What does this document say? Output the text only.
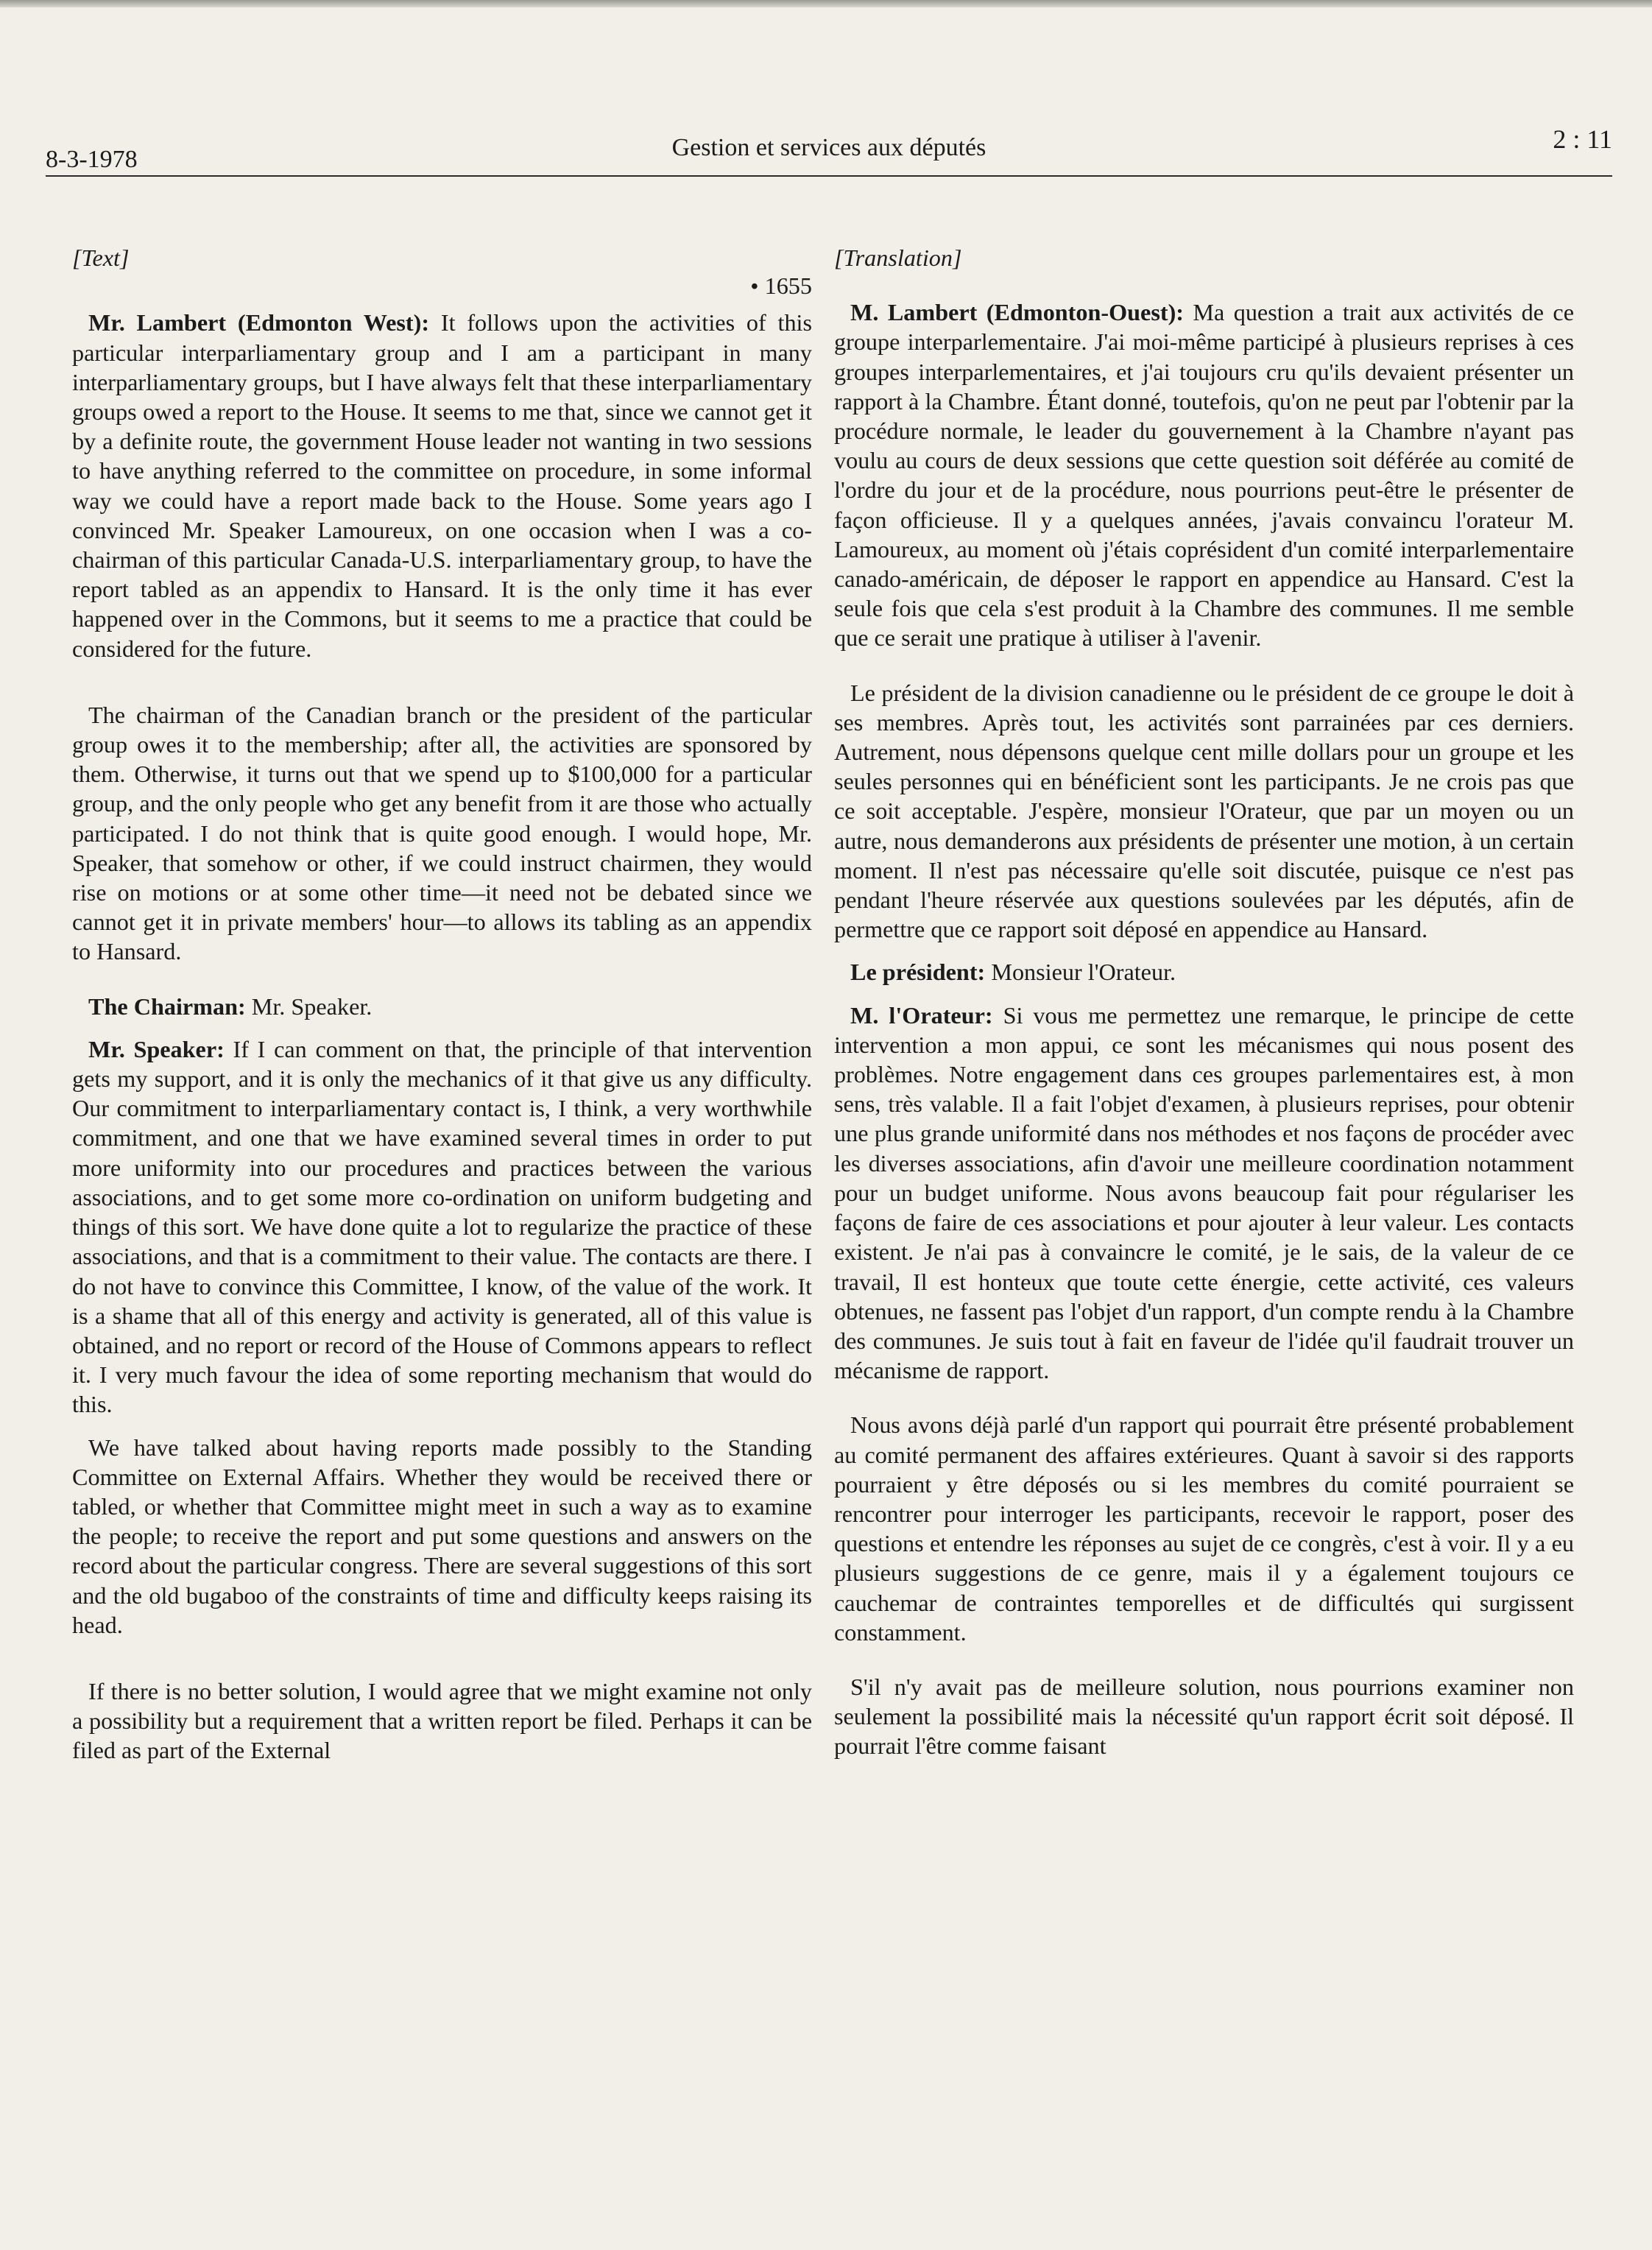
8-3-1978	Gestion et services aux députés	2 : 11
[Text]
• 1655

Mr. Lambert (Edmonton West): It follows upon the activities of this particular interparliamentary group and I am a participant in many interparliamentary groups, but I have always felt that these interparliamentary groups owed a report to the House. It seems to me that, since we cannot get it by a definite route, the government House leader not wanting in two sessions to have anything referred to the committee on procedure, in some informal way we could have a report made back to the House. Some years ago I convinced Mr. Speaker Lamoureux, on one occasion when I was a co-chairman of this particular Canada-U.S. interparliamentary group, to have the report tabled as an appendix to Hansard. It is the only time it has ever happened over in the Commons, but it seems to me a practice that could be considered for the future.

The chairman of the Canadian branch or the president of the particular group owes it to the membership; after all, the activities are sponsored by them. Otherwise, it turns out that we spend up to $100,000 for a particular group, and the only people who get any benefit from it are those who actually participated. I do not think that is quite good enough. I would hope, Mr. Speaker, that somehow or other, if we could instruct chairmen, they would rise on motions or at some other time—it need not be debated since we cannot get it in private members' hour—to allows its tabling as an appendix to Hansard.

The Chairman: Mr. Speaker.

Mr. Speaker: If I can comment on that, the principle of that intervention gets my support, and it is only the mechanics of it that give us any difficulty. Our commitment to interparliamentary contact is, I think, a very worthwhile commitment, and one that we have examined several times in order to put more uniformity into our procedures and practices between the various associations, and to get some more co-ordination on uniform budgeting and things of this sort. We have done quite a lot to regularize the practice of these associations, and that is a commitment to their value. The contacts are there. I do not have to convince this Committee, I know, of the value of the work. It is a shame that all of this energy and activity is generated, all of this value is obtained, and no report or record of the House of Commons appears to reflect it. I very much favour the idea of some reporting mechanism that would do this.

We have talked about having reports made possibly to the Standing Committee on External Affairs. Whether they would be received there or tabled, or whether that Committee might meet in such a way as to examine the people; to receive the report and put some questions and answers on the record about the particular congress. There are several suggestions of this sort and the old bugaboo of the constraints of time and difficulty keeps raising its head.

If there is no better solution, I would agree that we might examine not only a possibility but a requirement that a written report be filed. Perhaps it can be filed as part of the External

[Translation]

M. Lambert (Edmonton-Ouest): Ma question a trait aux activités de ce groupe interparlementaire. J'ai moi-même participé à plusieurs reprises à ces groupes interparlementaires, et j'ai toujours cru qu'ils devaient présenter un rapport à la Chambre. Étant donné, toutefois, qu'on ne peut par l'obtenir par la procédure normale, le leader du gouvernement à la Chambre n'ayant pas voulu au cours de deux sessions que cette question soit déférée au comité de l'ordre du jour et de la procédure, nous pourrions peut-être le présenter de façon officieuse. Il y a quelques années, j'avais convaincu l'orateur M. Lamoureux, au moment où j'étais coprésident d'un comité interparlementaire canado-américain, de déposer le rapport en appendice au Hansard. C'est la seule fois que cela s'est produit à la Chambre des communes. Il me semble que ce serait une pratique à utiliser à l'avenir.

Le président de la division canadienne ou le président de ce groupe le doit à ses membres. Après tout, les activités sont parrainées par ces derniers. Autrement, nous dépensons quelque cent mille dollars pour un groupe et les seules personnes qui en bénéficient sont les participants. Je ne crois pas que ce soit acceptable. J'espère, monsieur l'Orateur, que par un moyen ou un autre, nous demanderons aux présidents de présenter une motion, à un certain moment. Il n'est pas nécessaire qu'elle soit discutée, puisque ce n'est pas pendant l'heure réservée aux questions soulevées par les députés, afin de permettre que ce rapport soit déposé en appendice au Hansard.

Le président: Monsieur l'Orateur.

M. l'Orateur: Si vous me permettez une remarque, le principe de cette intervention a mon appui, ce sont les mécanismes qui nous posent des problèmes. Notre engagement dans ces groupes parlementaires est, à mon sens, très valable. Il a fait l'objet d'examen, à plusieurs reprises, pour obtenir une plus grande uniformité dans nos méthodes et nos façons de procéder avec les diverses associations, afin d'avoir une meilleure coordination notamment pour un budget uniforme. Nous avons beaucoup fait pour régulariser les façons de faire de ces associations et pour ajouter à leur valeur. Les contacts existent. Je n'ai pas à convaincre le comité, je le sais, de la valeur de ce travail, Il est honteux que toute cette énergie, cette activité, ces valeurs obtenues, ne fassent pas l'objet d'un rapport, d'un compte rendu à la Chambre des communes. Je suis tout à fait en faveur de l'idée qu'il faudrait trouver un mécanisme de rapport.

Nous avons déjà parlé d'un rapport qui pourrait être présenté probablement au comité permanent des affaires extérieures. Quant à savoir si des rapports pourraient y être déposés ou si les membres du comité pourraient se rencontrer pour interroger les participants, recevoir le rapport, poser des questions et entendre les réponses au sujet de ce congrès, c'est à voir. Il y a eu plusieurs suggestions de ce genre, mais il y a également toujours ce cauchemar de contraintes temporelles et de difficultés qui surgissent constamment.

S'il n'y avait pas de meilleure solution, nous pourrions examiner non seulement la possibilité mais la nécessité qu'un rapport écrit soit déposé. Il pourrait l'être comme faisant
